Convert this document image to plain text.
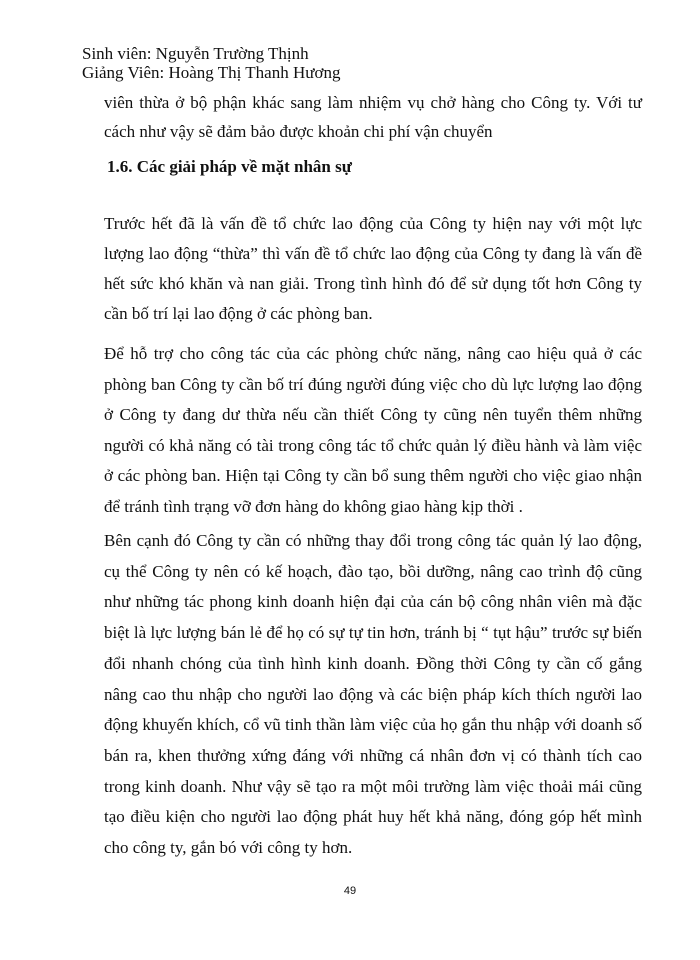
Sinh viên: Nguyễn Trường Thịnh
Giảng Viên: Hoàng Thị Thanh Hương

viên thừa ở bộ phận khác sang làm nhiệm vụ chở hàng cho Công ty. Với tư cách như vậy sẽ đảm bảo được khoản chi phí vận chuyển

1.6. Các giải pháp về mặt nhân sự

Trước hết đã là vấn đề tổ chức lao động của Công ty hiện nay với một lực lượng lao động “thừa” thì vấn đề tổ chức lao động của Công ty đang là vấn đề hết sức khó khăn và nan giải. Trong tình hình đó để sử dụng tốt hơn Công ty cần bố trí lại lao động ở các phòng ban.

Để hỗ trợ cho công tác của các phòng chức năng, nâng cao hiệu quả ở các phòng ban Công ty cần bố trí đúng người đúng việc cho dù lực lượng lao động ở Công ty đang dư thừa nếu cần thiết Công ty cũng nên tuyển thêm những người có khả năng có tài trong công tác tổ chức quản lý điều hành và làm việc ở các phòng ban. Hiện tại Công ty cần bổ sung thêm người cho việc giao nhận để tránh tình trạng vỡ đơn hàng do không giao hàng kịp thời .

Bên cạnh đó Công ty cần có những thay đổi trong công tác quản lý lao động, cụ thể Công ty nên có kế hoạch, đào tạo, bồi dưỡng, nâng cao trình độ cũng như những tác phong kinh doanh hiện đại của cán bộ công nhân viên mà đặc biệt là lực lượng bán lẻ để họ có sự tự tin hơn, tránh bị “ tụt hậu” trước sự biến đổi nhanh chóng của tình hình kinh doanh. Đồng thời Công ty cần cố gắng nâng cao thu nhập cho người lao động và các biện pháp kích thích người lao động khuyến khích, cổ vũ tinh thần làm việc của họ gắn thu nhập với doanh số bán ra, khen thưởng xứng đáng với những cá nhân đơn vị có thành tích cao trong kinh doanh. Như vậy sẽ tạo ra một môi trường làm việc thoải mái cũng tạo điều kiện cho người lao động phát huy hết khả năng, đóng góp hết mình cho công ty, gắn bó với công ty hơn.

49
